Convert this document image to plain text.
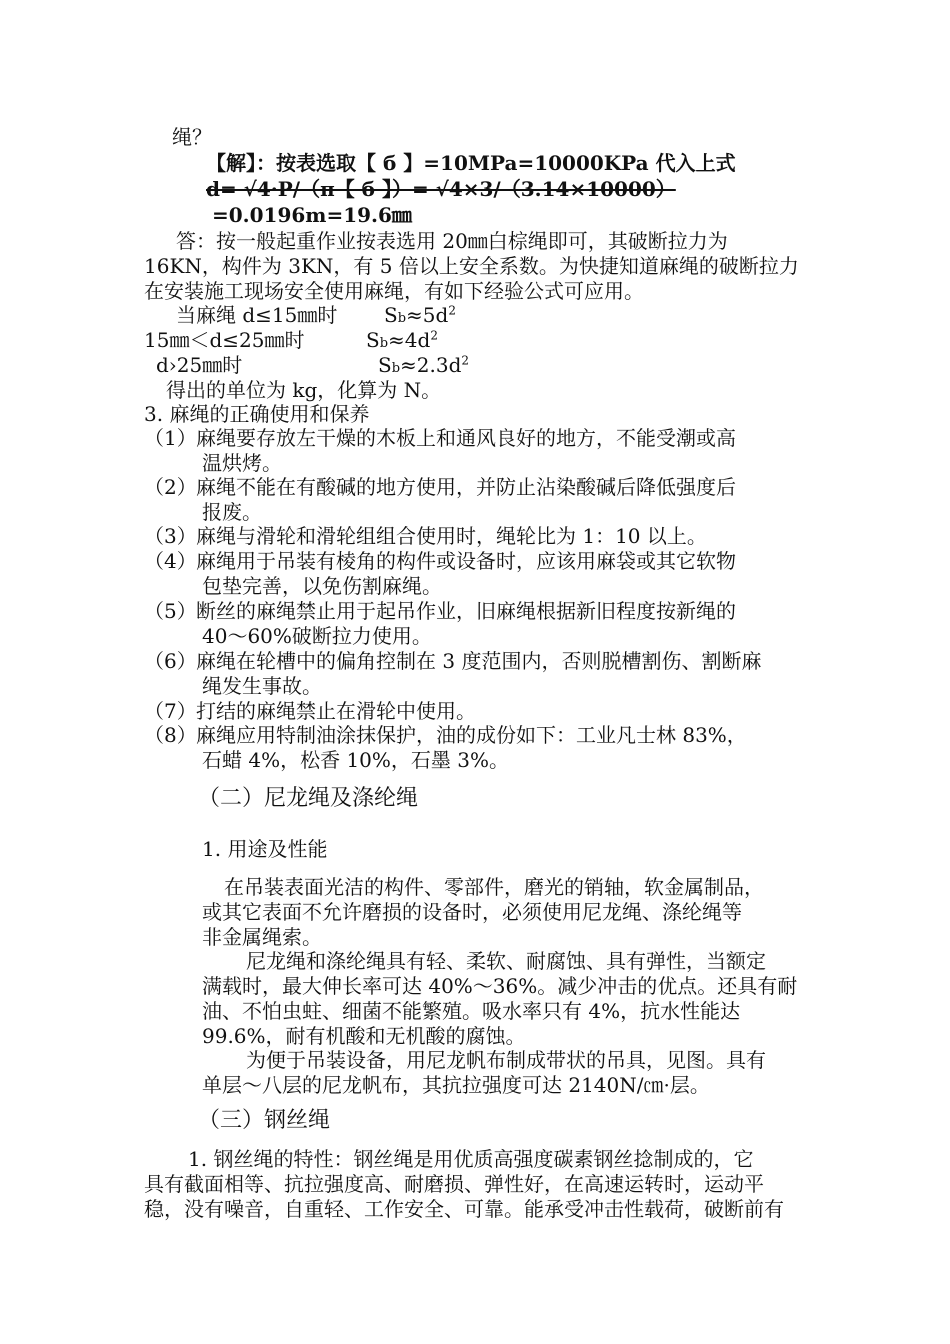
绳？
【解】：按表选取【 б 】=10MPa=10000KPa 代入上式
d= √4·P/（π【 б 】）= √4×3/（3.14×10000）
=0.0196m=19.6㎜
答：按一般起重作业按表选用 20㎜白棕绳即可，其破断拉力为
16KN，构件为 3KN，有 5 倍以上安全系数。为快捷知道麻绳的破断拉力
在安装施工现场安全使用麻绳，有如下经验公式可应用。
当麻绳 d≤15㎜时 $Sb\approx 5d^2$
15㎜＜d≤25㎜时	$Sb\approx 4d^2$
d›25㎜时	$Sb\approx 2.3d^2$
得出的单位为 kg，化算为 N。
3. 麻绳的正确使用和保养
（1）麻绳要存放左干燥的木板上和通风良好的地方，不能受潮或高
温烘烤。
（2）麻绳不能在有酸碱的地方使用，并防止沾染酸碱后降低强度后
报废。
（3）麻绳与滑轮和滑轮组组合使用时，绳轮比为 1：10 以上。
（4）麻绳用于吊装有棱角的构件或设备时，应该用麻袋或其它软物
包垫完善，以免伤割麻绳。
（5）断丝的麻绳禁止用于起吊作业，旧麻绳根据新旧程度按新绳的
40～60%破断拉力使用。
（6）麻绳在轮槽中的偏角控制在 3 度范围内，否则脱槽割伤、割断麻
绳发生事故。
（7）打结的麻绳禁止在滑轮中使用。
（8）麻绳应用特制油涂抹保护，油的成份如下：工业凡士林 83%，
石蜡 4%，松香 10%，石墨 3%。
（二）尼龙绳及涤纶绳
1. 用途及性能
在吊装表面光洁的构件、零部件，磨光的销轴，软金属制品，
或其它表面不允许磨损的设备时，必须使用尼龙绳、涤纶绳等
非金属绳索。
尼龙绳和涤纶绳具有轻、柔软、耐腐蚀、具有弹性，当额定
满载时，最大伸长率可达 40%～36%。减少冲击的优点。还具有耐
油、不怕虫蛀、细菌不能繁殖。吸水率只有 4%，抗水性能达
99.6%，耐有机酸和无机酸的腐蚀。
为便于吊装设备，用尼龙帆布制成带状的吊具，见图。具有
单层～八层的尼龙帆布，其抗拉强度可达 2140N/㎝·层。
（三）钢丝绳
1. 钢丝绳的特性：钢丝绳是用优质高强度碳素钢丝捻制成的，它
具有截面相等、抗拉强度高、耐磨损、弹性好，在高速运转时，运动平
稳，没有噪音，自重轻、工作安全、可靠。能承受冲击性载荷，破断前有
